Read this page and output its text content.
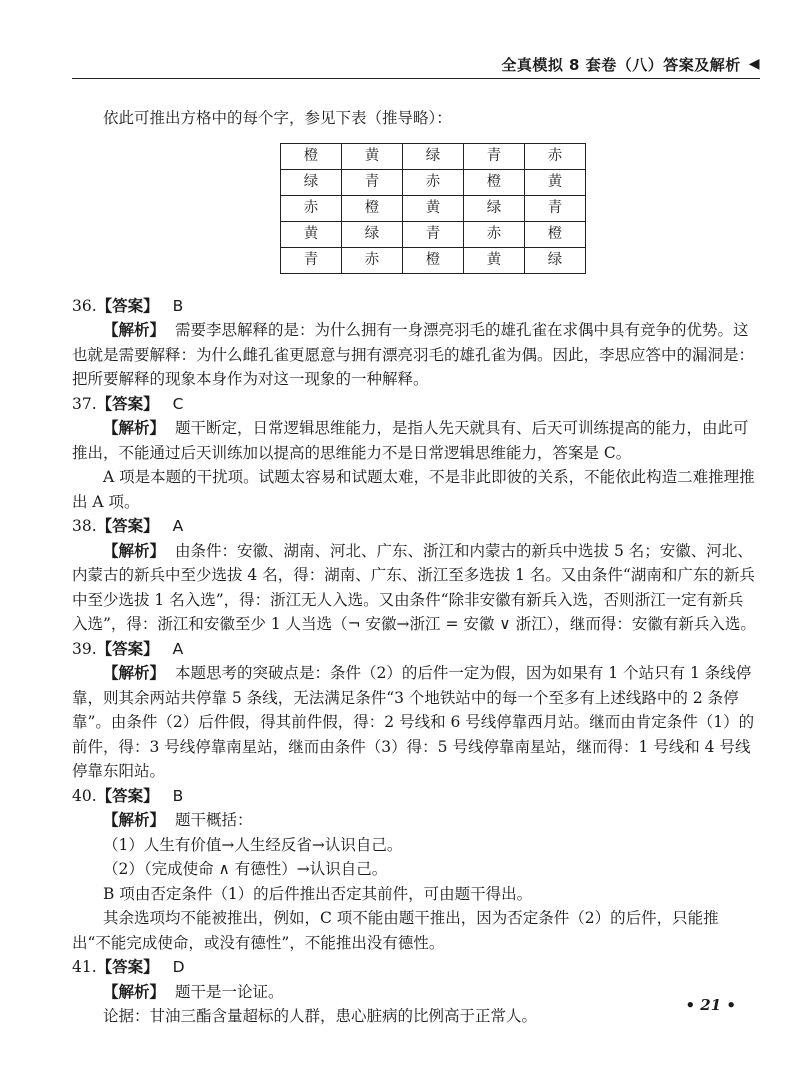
全真模拟 8 套卷（八）答案及解析 ◀

依此可推出方格中的每个字，参见下表（推导略）：

橙	黄	绿	青	赤
绿	青	赤	橙	黄
赤	橙	黄	绿	青
黄	绿	青	赤	橙
青	赤	橙	黄	绿

36.【答案】 B

【解析】 需要李思解释的是：为什么拥有一身漂亮羽毛的雄孔雀在求偶中具有竞争的优势。这也就是需要解释：为什么雌孔雀更愿意与拥有漂亮羽毛的雄孔雀为偶。因此，李思应答中的漏洞是：把所要解释的现象本身作为对这一现象的一种解释。

37.【答案】 C

【解析】 题干断定，日常逻辑思维能力，是指人先天就具有、后天可训练提高的能力，由此可推出，不能通过后天训练加以提高的思维能力不是日常逻辑思维能力，答案是 C。

A 项是本题的干扰项。试题太容易和试题太难，不是非此即彼的关系，不能依此构造二难推理推出 A 项。

38.【答案】 A

【解析】 由条件：安徽、湖南、河北、广东、浙江和内蒙古的新兵中选拔 5 名；安徽、河北、内蒙古的新兵中至少选拔 4 名，得：湖南、广东、浙江至多选拔 1 名。又由条件“湖南和广东的新兵中至少选拔 1 名入选”，得：浙江无人入选。又由条件“除非安徽有新兵入选，否则浙江一定有新兵入选”，得：浙江和安徽至少 1 人当选（¬ 安徽→浙江 = 安徽 ∨ 浙江），继而得：安徽有新兵入选。

39.【答案】 A

【解析】 本题思考的突破点是：条件（2）的后件一定为假，因为如果有 1 个站只有 1 条线停靠，则其余两站共停靠 5 条线，无法满足条件“3 个地铁站中的每一个至多有上述线路中的 2 条停靠”。由条件（2）后件假，得其前件假，得：2 号线和 6 号线停靠西月站。继而由肯定条件（1）的前件，得：3 号线停靠南星站，继而由条件（3）得：5 号线停靠南星站，继而得：1 号线和 4 号线停靠东阳站。

40.【答案】 B

【解析】 题干概括：

（1）人生有价值→人生经反省→认识自己。

（2）（完成使命 ∧ 有德性）→认识自己。

B 项由否定条件（1）的后件推出否定其前件，可由题干得出。

其余选项均不能被推出，例如，C 项不能由题干推出，因为否定条件（2）的后件，只能推出“不能完成使命，或没有德性”，不能推出没有德性。

41.【答案】 D

【解析】 题干是一论证。

论据：甘油三酯含量超标的人群，患心脏病的比例高于正常人。

• 21 •
